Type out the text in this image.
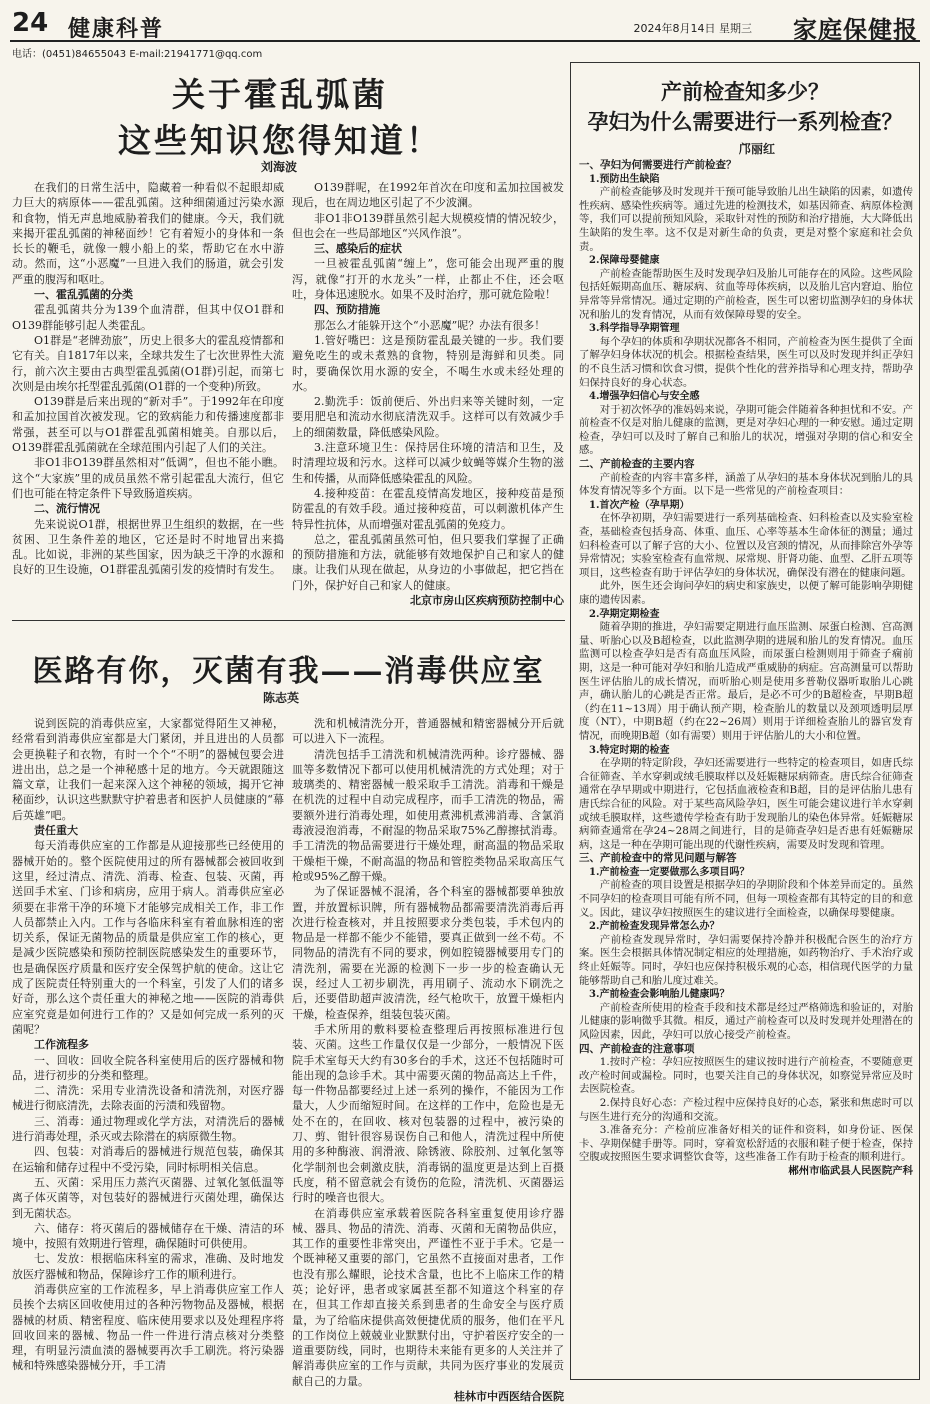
24 健康科普	2024年8月14日 星期三 家庭保健报
电话：(0451)84655043 E-mail:21941771@qq.com
关于霍乱弧菌
这些知识您得知道！
刘海波

在我们的日常生活中，隐藏着一种看似不起眼却威力巨大的病原体——霍乱弧菌。这种细菌通过污染水源和食物，悄无声息地威胁着我们的健康。今天，我们就来揭开霍乱弧菌的神秘面纱！它有着短小的身体和一条长长的鞭毛，就像一艘小船上的桨，帮助它在水中游动。然而，这“小恶魔”一旦进入我们的肠道，就会引发严重的腹泻和呕吐。

一、霍乱弧菌的分类

霍乱弧菌共分为139个血清群，但其中仅O1群和O139群能够引起人类霍乱。

O1群是“老牌劲旅”，历史上很多大的霍乱疫情都和它有关。自1817年以来，全球共发生了七次世界性大流行，前六次主要由古典型霍乱弧菌(O1群)引起，而第七次则是由埃尔托型霍乱弧菌(O1群的一个变种)所致。

O139群是后来出现的“新对手”。于1992年在印度和孟加拉国首次被发现。它的致病能力和传播速度都非常强，甚至可以与O1群霍乱弧菌相媲美。自那以后，O139群霍乱弧菌就在全球范围内引起了人们的关注。

非O1非O139群虽然相对“低调”，但也不能小瞧。这个“大家族”里的成员虽然不常引起霍乱大流行，但它们也可能在特定条件下导致肠道疾病。

二、流行情况

先来说说O1群，根据世界卫生组织的数据，在一些贫困、卫生条件差的地区，它还是时不时地冒出来捣乱。比如说，非洲的某些国家，因为缺乏干净的水源和良好的卫生设施，O1群霍乱弧菌引发的疫情时有发生。

O139群呢，在1992年首次在印度和孟加拉国被发现后，也在周边地区引起了不少波澜。

非O1非O139群虽然引起大规模疫情的情况较少，但也会在一些局部地区“兴风作浪”。

三、感染后的症状

一旦被霍乱弧菌“缠上”，您可能会出现严重的腹泻，就像“打开的水龙头”一样，止都止不住，还会呕吐，身体迅速脱水。如果不及时治疗，那可就危险啦！

四、预防措施

那怎么才能躲开这个“小恶魔”呢？办法有很多！

1.管好嘴巴：这是预防霍乱最关键的一步。我们要避免吃生的或未煮熟的食物，特别是海鲜和贝类。同时，要确保饮用水源的安全，不喝生水或未经处理的水。

2.勤洗手：饭前便后、外出归来等关键时刻，一定要用肥皂和流动水彻底清洗双手。这样可以有效减少手上的细菌数量，降低感染风险。

3.注意环境卫生：保持居住环境的清洁和卫生，及时清理垃圾和污水。这样可以减少蚊蝇等媒介生物的滋生和传播，从而降低感染霍乱的风险。

4.接种疫苗：在霍乱疫情高发地区，接种疫苗是预防霍乱的有效手段。通过接种疫苗，可以刺激机体产生特异性抗体，从而增强对霍乱弧菌的免疫力。

总之，霍乱弧菌虽然可怕，但只要我们掌握了正确的预防措施和方法，就能够有效地保护自己和家人的健康。让我们从现在做起，从身边的小事做起，把它挡在门外，保护好自己和家人的健康。

北京市房山区疾病预防控制中心

医路有你，灭菌有我——消毒供应室
陈志英

说到医院的消毒供应室，大家都觉得陌生又神秘，经常看到消毒供应室都是大门紧闭，并且进出的人员都会更换鞋子和衣物，有时一个个“不明”的器械包要会进进出出，总之是一个神秘感十足的地方。今天就跟随这篇文章，让我们一起来深入这个神秘的领域，揭开它神秘面纱，认识这些默默守护着患者和医护人员健康的“幕后英雄”吧。

责任重大

每天消毒供应室的工作都是从迎接那些已经使用的器械开始的。整个医院使用过的所有器械都会被回收到这里，经过清点、清洗、消毒、检查、包装、灭菌，再送回手术室、门诊和病房，应用于病人。消毒供应室必须要在非常干净的环境下才能够完成相关工作，非工作人员都禁止入内。工作与各临床科室有着血脉相连的密切关系，保证无菌物品的质量是供应室工作的核心，更是减少医院感染和预防控制医院感染发生的重要环节，也是确保医疗质量和医疗安全保驾护航的使命。这让它成了医院责任特别重大的一个科室，引发了人们的诸多好奇，那么这个责任重大的神秘之地——医院的消毒供应室究竟是如何进行工作的？又是如何完成一系列的灭菌呢？

工作流程多

一、回收：回收全院各科室使用后的医疗器械和物品，进行初步的分类和整理。

二、清洗：采用专业清洗设备和清洗剂，对医疗器械进行彻底清洗，去除表面的污渍和残留物。

三、消毒：通过物理或化学方法，对清洗后的器械进行消毒处理，杀灭或去除潜在的病原微生物。

四、包装：对消毒后的器械进行规范包装，确保其在运输和储存过程中不受污染，同时标明相关信息。

五、灭菌：采用压力蒸汽灭菌器、过氧化氢低温等离子体灭菌等，对包装好的器械进行灭菌处理，确保达到无菌状态。

六、储存：将灭菌后的器械储存在干燥、清洁的环境中，按照有效期进行管理，确保随时可供使用。

七、发放：根据临床科室的需求，准确、及时地发放医疗器械和物品，保障诊疗工作的顺利进行。

消毒供应室的工作流程多，早上消毒供应室工作人员挨个去病区回收使用过的各种污物物品及器械，根据器械的材质、精密程度、临床使用要求以及处理程序将回收回来的器械、物品一件一件进行清点核对分类整理，有明显污渍血渍的器械要再次手工刷洗。将污染器械和特殊感染器械分开，手工清

洗和机械清洗分开，普通器械和精密器械分开后就可以进入下一流程。

清洗包括手工清洗和机械清洗两种。诊疗器械、器皿等多数情况下都可以使用机械清洗的方式处理；对于玻璃类的、精密器械一般采取手工清洗。消毒和干燥是在机洗的过程中自动完成程序，而手工清洗的物品，需要额外进行消毒处理，如使用煮沸机煮沸消毒、含氯消毒液浸泡消毒，不耐湿的物品采取75%乙醇擦拭消毒。手工清洗的物品需要进行干燥处理，耐高温的物品采取干燥柜干燥，不耐高温的物品和管腔类物品采取高压气枪或95%乙醇干燥。

为了保证器械不混淆，各个科室的器械都要单独放置，并放置标识牌，所有器械物品都需要清洗消毒后再次进行检查核对，并且按照要求分类包装，手术包内的物品是一样都不能少不能错，要真正做到一丝不苟。不同物品的清洗有不同的要求，例如腔镜器械要用专门的清洗剂，需要在光源的检测下一步一步的检查确认无误，经过人工初步刷洗，再用刷子、流动水下刷洗之后，还要借助超声波清洗，经气枪吹干，放置干燥柜内干燥，检查保养，组装包装灭菌。

手术所用的敷料要检查整理后再按照标准进行包装、灭菌。这些工作量仅仅是一少部分，一般情况下医院手术室每天大约有30多台的手术，这还不包括随时可能出现的急诊手术。其中需要灭菌的物品高达上千件，每一件物品都要经过上述一系列的操作，不能因为工作量大，人少而缩短时间。在这样的工作中，危险也是无处不在的，在回收、核对包装器的过程中，被污染的刀、剪、钳针很容易误伤自己和他人，清洗过程中所使用的多种酶液、润滑液、除锈液、除胶剂、过氧化氢等化学制剂也会刺激皮肤，消毒锅的温度更是达到上百摄氏度，稍不留意就会有烫伤的危险，清洗机、灭菌器运行时的噪音也很大。

在消毒供应室承载着医院各科室重复使用诊疗器械、器具、物品的清洗、消毒、灭菌和无菌物品供应，其工作的重要性非常突出，严谨性不亚于手术。它是一个既神秘又重要的部门，它虽然不直接面对患者，工作也没有那么耀眼，论技术含量，也比不上临床工作的精英；论好评，患者或家属甚至都不知道这个科室的存在，但其工作却直接关系到患者的生命安全与医疗质量，为了给临床提供高效便捷优质的服务，他们在平凡的工作岗位上兢兢业业默默付出，守护着医疗安全的一道重要防线，同时，也期待未来能有更多的人关注并了解消毒供应室的工作与贡献，共同为医疗事业的发展贡献自己的力量。

桂林市中西医结合医院

产前检查知多少？
孕妇为什么需要进行一系列检查？
邝丽红
一、孕妇为何需要进行产前检查？
1.预防出生缺陷

产前检查能够及时发现并干预可能导致胎儿出生缺陷的因素，如遗传性疾病、感染性疾病等。通过先进的检测技术，如基因筛查、病原体检测等，我们可以提前预知风险，采取针对性的预防和治疗措施，大大降低出生缺陷的发生率。这不仅是对新生命的负责，更是对整个家庭和社会负责。

2.保障母婴健康

产前检查能帮助医生及时发现孕妇及胎儿可能存在的风险。这些风险包括妊娠期高血压、糖尿病、贫血等母体疾病，以及胎儿宫内窘迫、胎位异常等异常情况。通过定期的产前检查，医生可以密切监测孕妇的身体状况和胎儿的发育情况，从而有效保障母婴的安全。

3.科学指导孕期管理

每个孕妇的体质和孕期状况都各不相同，产前检查为医生提供了全面了解孕妇身体状况的机会。根据检查结果，医生可以及时发现并纠正孕妇的不良生活习惯和饮食习惯，提供个性化的营养指导和心理支持，帮助孕妇保持良好的身心状态。

4.增强孕妇信心与安全感

对于初次怀孕的准妈妈来说，孕期可能会伴随着各种担忧和不安。产前检查不仅是对胎儿健康的监测，更是对孕妇心理的一种安慰。通过定期检查，孕妇可以及时了解自己和胎儿的状况，增强对孕期的信心和安全感。

二、产前检查的主要内容

产前检查的内容丰富多样，涵盖了从孕妇的基本身体状况到胎儿的具体发育情况等多个方面。以下是一些常见的产前检查项目：

1.首次产检（孕早期）

在怀孕初期，孕妇需要进行一系列基础检查、妇科检查以及实验室检查，基础检查包括身高、体重、血压、心率等基本生命体征的测量；通过妇科检查可以了解子宫的大小、位置以及宫颈的情况，从而排除宫外孕等异常情况；实验室检查有血常规、尿常规、肝肾功能、血型、乙肝五项等项目，这些检查有助于评估孕妇的身体状况，确保没有潜在的健康问题。

此外，医生还会询问孕妇的病史和家族史，以便了解可能影响孕期健康的遗传因素。

2.孕期定期检查

随着孕期的推进，孕妇需要定期进行血压监测、尿蛋白检测、宫高测量、听胎心以及B超检查，以此监测孕期的进展和胎儿的发育情况。血压监测可以检查孕妇是否有高血压风险，而尿蛋白检测则用于筛查子痫前期，这是一种可能对孕妇和胎儿造成严重威胁的病症。宫高测量可以帮助医生评估胎儿的成长情况，而听胎心则是使用多普勒仪器听取胎儿心跳声，确认胎儿的心跳是否正常。最后，是必不可少的B超检查，早期B超（约在11~13周）用于确认预产期，检查胎儿的数量以及颈项透明层厚度（NT），中期B超（约在22~26周）则用于详细检查胎儿的器官发育情况，而晚期B超（如有需要）则用于评估胎儿的大小和位置。

3.特定时期的检查

在孕期的特定阶段，孕妇还需要进行一些特定的检查项目，如唐氏综合征筛查、羊水穿刺或绒毛膜取样以及妊娠糖尿病筛查。唐氏综合征筛查通常在孕早期或中期进行，它包括血液检查和B超，目的是评估胎儿患有唐氏综合征的风险。对于某些高风险孕妇，医生可能会建议进行羊水穿刺或绒毛膜取样，这些遗传学检查有助于发现胎儿的染色体异常。妊娠糖尿病筛查通常在孕24~28周之间进行，目的是筛查孕妇是否患有妊娠糖尿病，这是一种在孕期可能出现的代谢性疾病，需要及时发现和管理。

三、产前检查中的常见问题与解答
1.产前检查一定要做那么多项目吗？

产前检查的项目设置是根据孕妇的孕期阶段和个体差异而定的。虽然不同孕妇的检查项目可能有所不同，但每一项检查都有其特定的目的和意义。因此，建议孕妇按照医生的建议进行全面检查，以确保母婴健康。

2.产前检查发现异常怎么办？

产前检查发现异常时，孕妇需要保持冷静并积极配合医生的治疗方案。医生会根据具体情况制定相应的处理措施，如药物治疗、手术治疗或终止妊娠等。同时，孕妇也应保持积极乐观的心态，相信现代医学的力量能够帮助自己和胎儿度过难关。

3.产前检查会影响胎儿健康吗？

产前检查所使用的检查手段和技术都是经过严格筛选和验证的，对胎儿健康的影响微乎其微。相反，通过产前检查可以及时发现并处理潜在的风险因素，因此，孕妇可以放心接受产前检查。

四、产前检查的注意事项

1.按时产检：孕妇应按照医生的建议按时进行产前检查，不要随意更改产检时间或漏检。同时，也要关注自己的身体状况，如察觉异常应及时去医院检查。

2.保持良好心态：产检过程中应保持良好的心态，紧张和焦虑时可以与医生进行充分的沟通和交流。

3.准备充分：产检前应准备好相关的证件和资料，如身份证、医保卡、孕期保健手册等。同时，穿着宽松舒适的衣服和鞋子便于检查，保持空腹或按照医生要求调整饮食等，这些准备工作有助于检查的顺利进行。

郴州市临武县人民医院产科
